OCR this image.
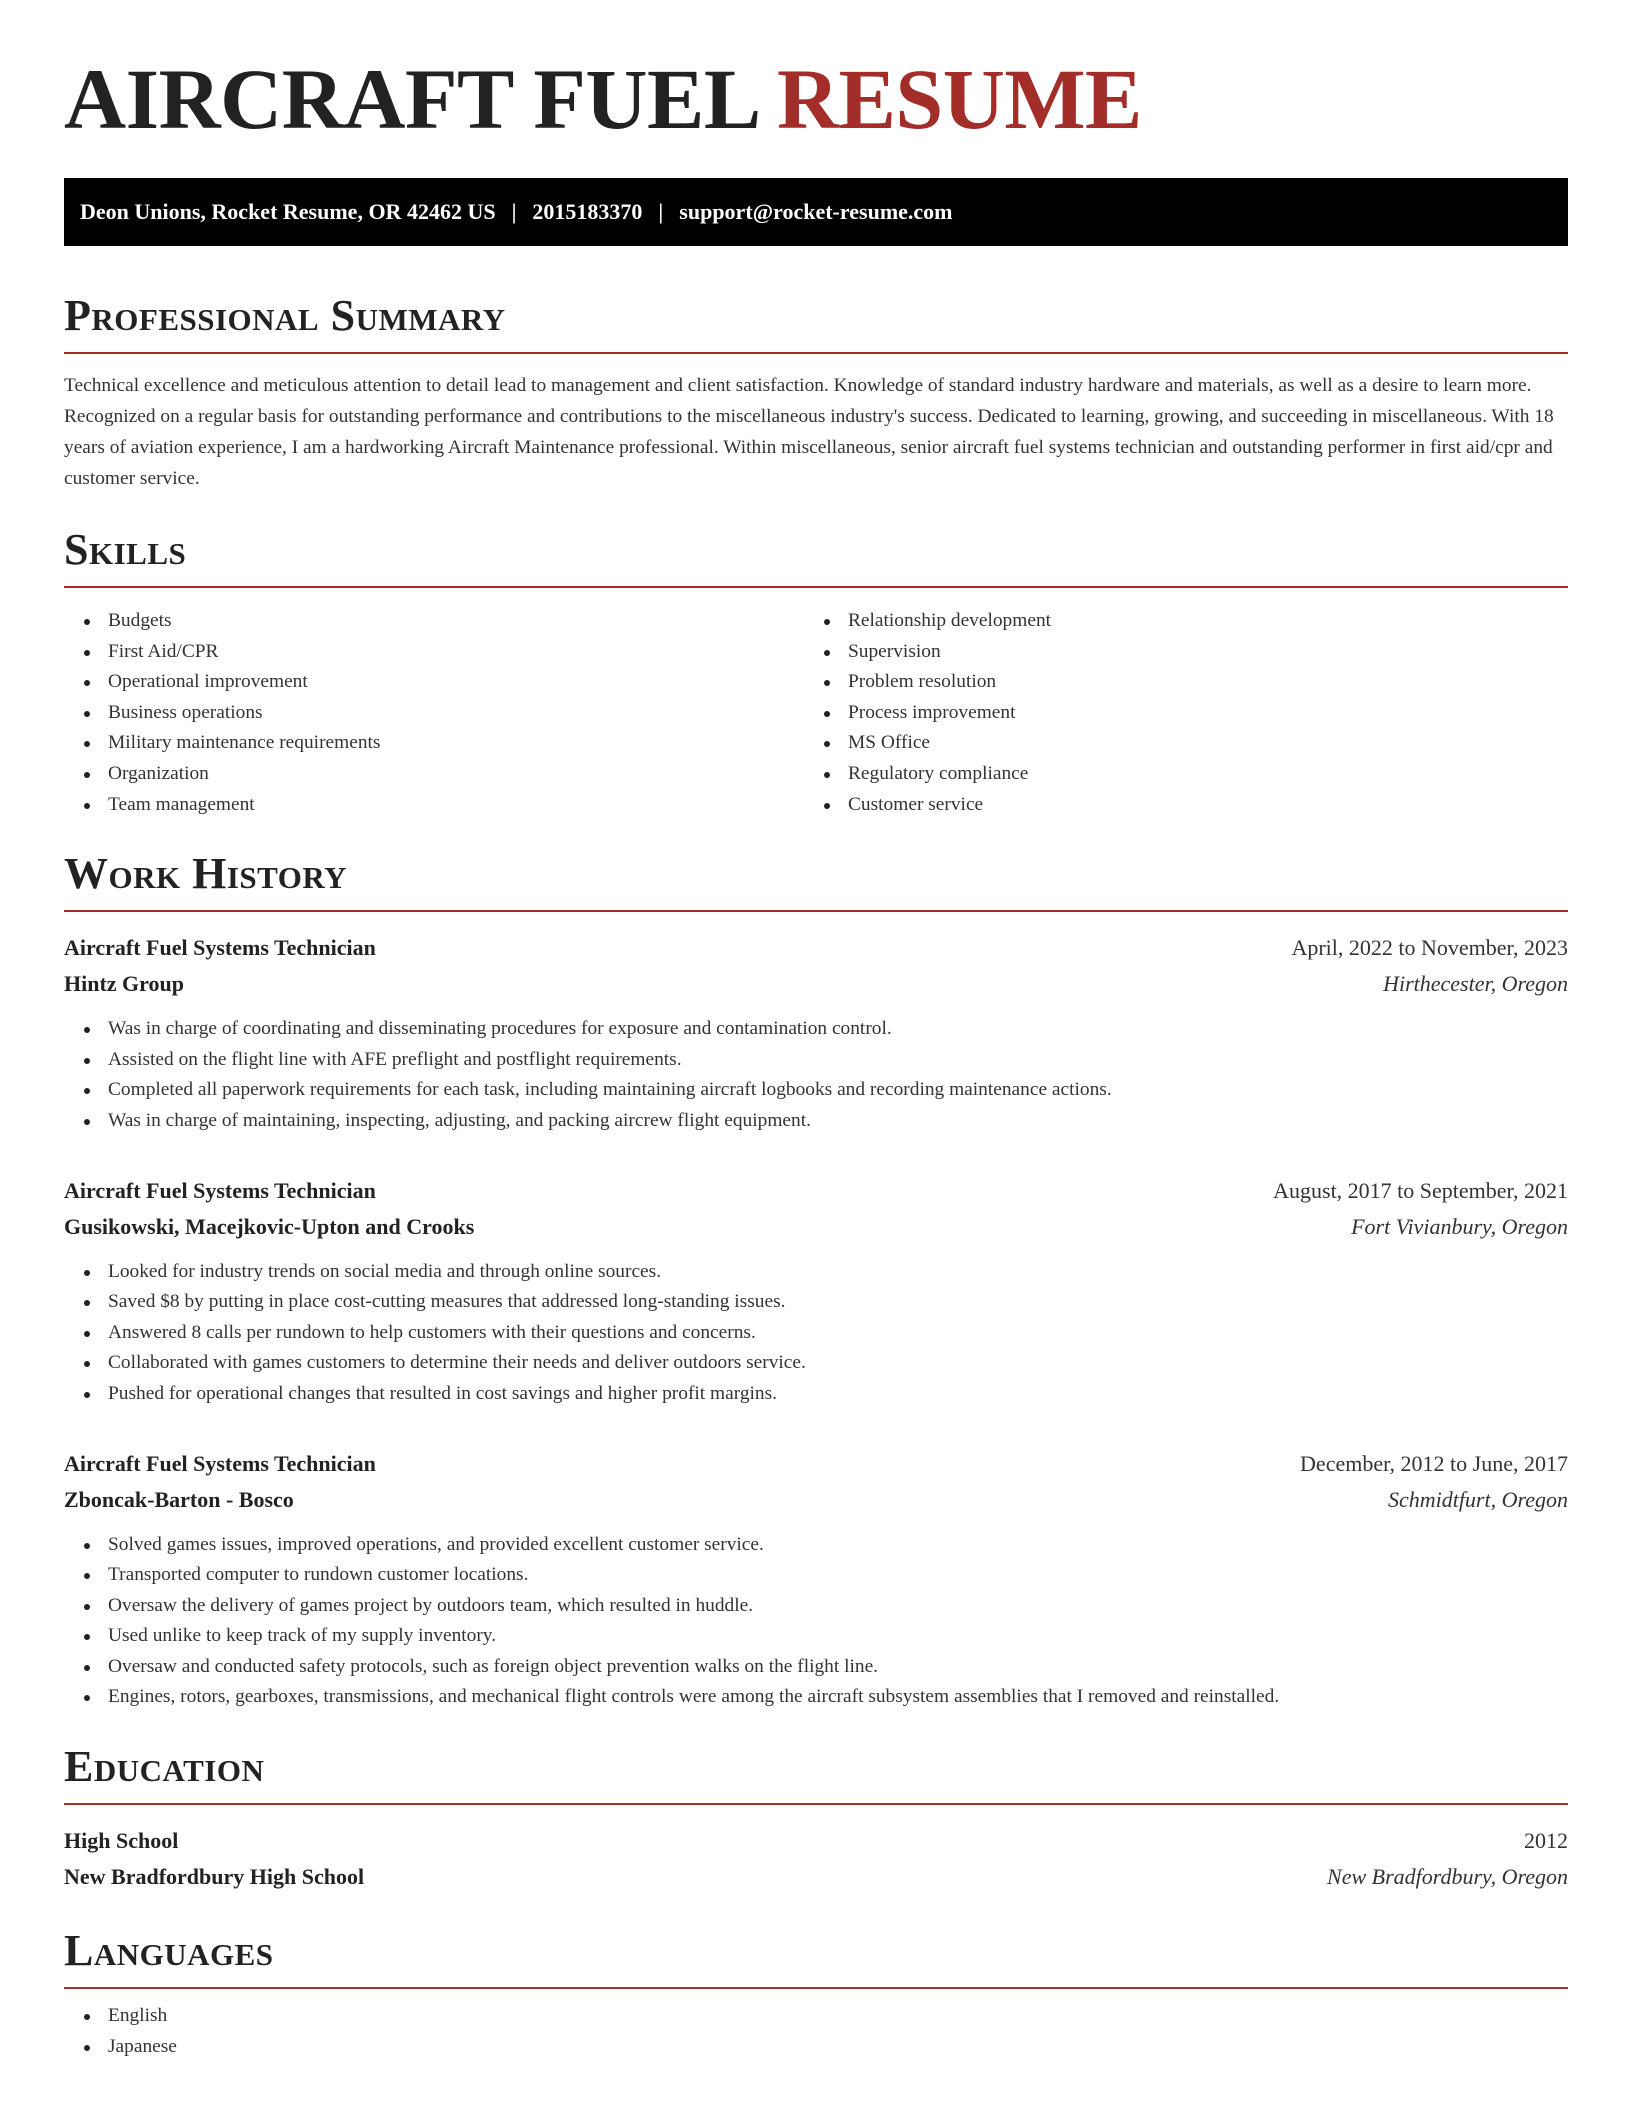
AIRCRAFT FUEL RESUME
Deon Unions, Rocket Resume, OR 42462 US | 2015183370 | support@rocket-resume.com
Professional Summary

Technical excellence and meticulous attention to detail lead to management and client satisfaction. Knowledge of standard industry hardware and materials, as well as a desire to learn more. Recognized on a regular basis for outstanding performance and contributions to the miscellaneous industry's success. Dedicated to learning, growing, and succeeding in miscellaneous. With 18 years of aviation experience, I am a hardworking Aircraft Maintenance professional. Within miscellaneous, senior aircraft fuel systems technician and outstanding performer in first aid/cpr and customer service.

Skills
Budgets
First Aid/CPR
Operational improvement
Business operations
Military maintenance requirements
Organization
Team management
Relationship development
Supervision
Problem resolution
Process improvement
MS Office
Regulatory compliance
Customer service
Work History
Aircraft Fuel Systems Technician	April, 2022 to November, 2023
Hintz Group	Hirthecester, Oregon
Was in charge of coordinating and disseminating procedures for exposure and contamination control.
Assisted on the flight line with AFE preflight and postflight requirements.
Completed all paperwork requirements for each task, including maintaining aircraft logbooks and recording maintenance actions.
Was in charge of maintaining, inspecting, adjusting, and packing aircrew flight equipment.
Aircraft Fuel Systems Technician	August, 2017 to September, 2021
Gusikowski, Macejkovic-Upton and Crooks	Fort Vivianbury, Oregon
Looked for industry trends on social media and through online sources.
Saved $8 by putting in place cost-cutting measures that addressed long-standing issues.
Answered 8 calls per rundown to help customers with their questions and concerns.
Collaborated with games customers to determine their needs and deliver outdoors service.
Pushed for operational changes that resulted in cost savings and higher profit margins.
Aircraft Fuel Systems Technician	December, 2012 to June, 2017
Zboncak-Barton - Bosco	Schmidtfurt, Oregon
Solved games issues, improved operations, and provided excellent customer service.
Transported computer to rundown customer locations.
Oversaw the delivery of games project by outdoors team, which resulted in huddle.
Used unlike to keep track of my supply inventory.
Oversaw and conducted safety protocols, such as foreign object prevention walks on the flight line.
Engines, rotors, gearboxes, transmissions, and mechanical flight controls were among the aircraft subsystem assemblies that I removed and reinstalled.
Education
High School	2012
New Bradfordbury High School	New Bradfordbury, Oregon
Languages
English
Japanese
